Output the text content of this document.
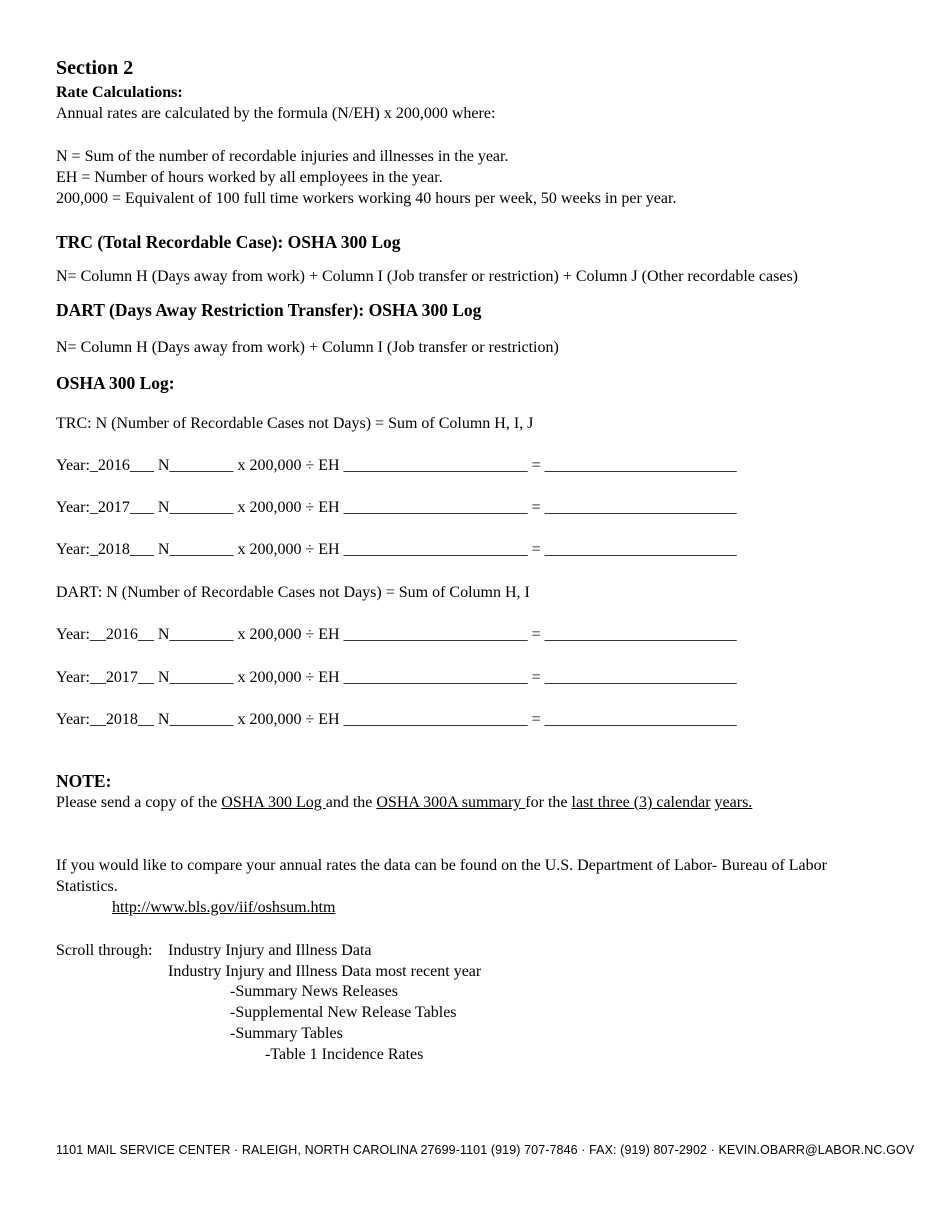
Section 2
Rate Calculations:
Annual rates are calculated by the formula (N/EH) x 200,000 where:
N = Sum of the number of recordable injuries and illnesses in the year.
EH = Number of hours worked by all employees in the year.
200,000 = Equivalent of 100 full time workers working 40 hours per week, 50 weeks in per year.
TRC (Total Recordable Case): OSHA 300 Log
N= Column H (Days away from work) + Column I (Job transfer or restriction) + Column J (Other recordable cases)
DART (Days Away Restriction Transfer): OSHA 300 Log
N= Column H (Days away from work) + Column I (Job transfer or restriction)
OSHA 300 Log:
TRC: N (Number of Recordable Cases not Days) = Sum of Column H, I, J
Year:_2016___ N________ x 200,000 ÷ EH _______________________ = ________________________
Year:_2017___ N________ x 200,000 ÷ EH _______________________ = ________________________
Year:_2018___ N________ x 200,000 ÷ EH _______________________ = ________________________
DART: N (Number of Recordable Cases not Days) = Sum of Column H, I
Year:__2016__ N________ x 200,000 ÷ EH _______________________ = ________________________
Year:__2017__ N________ x 200,000 ÷ EH _______________________ = ________________________
Year:__2018__ N________ x 200,000 ÷ EH _______________________ = ________________________
NOTE:
Please send a copy of the OSHA 300 Log and the OSHA 300A summary for the last three (3) calendar years.
If you would like to compare your annual rates the data can be found on the U.S. Department of Labor- Bureau of Labor
Statistics.
http://www.bls.gov/iif/oshsum.htm
Scroll through: Industry Injury and Illness Data
Industry Injury and Illness Data most recent year
-Summary News Releases
-Supplemental New Release Tables
-Summary Tables
-Table 1 Incidence Rates
1101 MAIL SERVICE CENTER · RALEIGH, NORTH CAROLINA 27699-1101 (919) 707-7846 · FAX: (919) 807-2902 · KEVIN.OBARR@LABOR.NC.GOV
